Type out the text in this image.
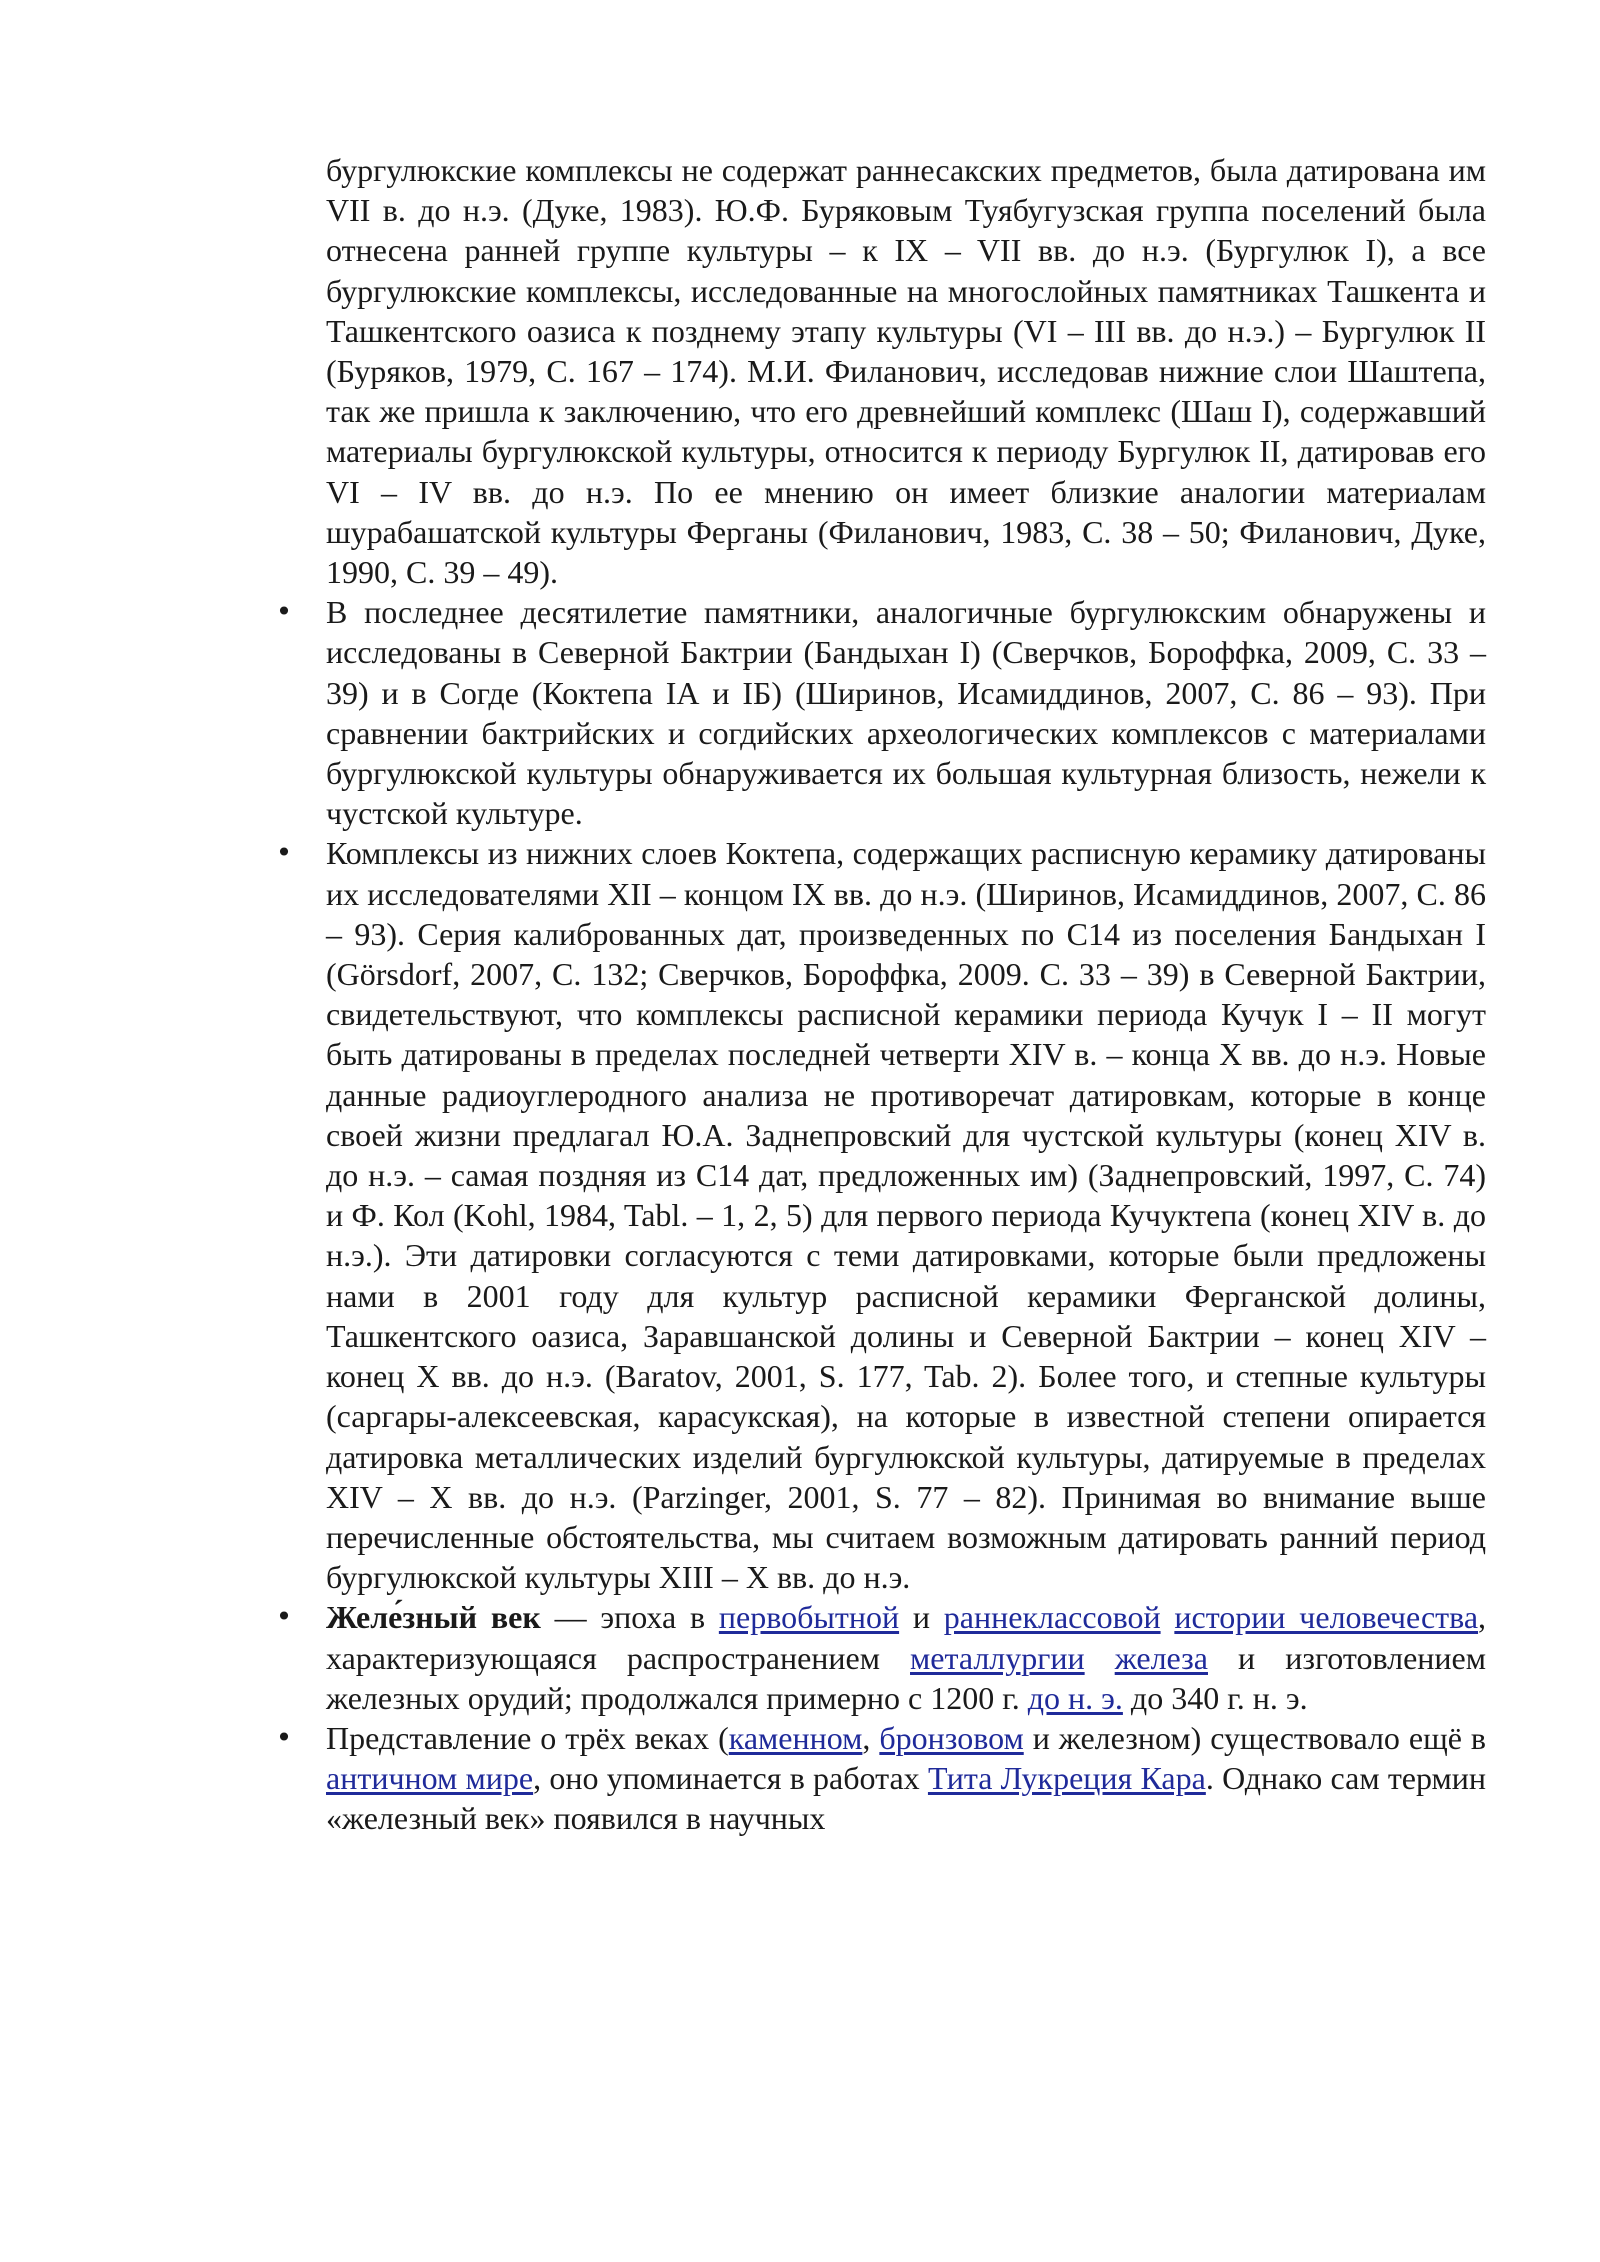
бургулюкские комплексы не содержат раннесакских предметов, была датирована им VII в. до н.э. (Дуке, 1983). Ю.Ф. Буряковым Туябугузская группа поселений была отнесена ранней группе культуры – к IX – VII вв. до н.э. (Бургулюк I), а все бургулюкские комплексы, исследованные на многослойных памятниках Ташкента и Ташкентского оазиса к позднему этапу культуры (VI – III вв. до н.э.) – Бургулюк II (Буряков, 1979, С. 167 – 174). М.И. Филанович, исследовав нижние слои Шаштепа, так же пришла к заключению, что его древнейший комплекс (Шаш I), содержавший материалы бургулюкской культуры, относится к периоду Бургулюк II, датировав его VI – IV вв. до н.э. По ее мнению он имеет близкие аналогии материалам шурабашатской культуры Ферганы (Филанович, 1983, С. 38 – 50; Филанович, Дуке, 1990, С. 39 – 49).

• В последнее десятилетие памятники, аналогичные бургулюкским обнаружены и исследованы в Северной Бактрии (Бандыхан I) (Сверчков, Бороффка, 2009, С. 33 – 39) и в Согде (Коктепа IА и IБ) (Ширинов, Исамиддинов, 2007, С. 86 – 93). При сравнении бактрийских и согдийских археологических комплексов с материалами бургулюкской культуры обнаруживается их большая культурная близость, нежели к чустской культуре.
• Комплексы из нижних слоев Коктепа, содержащих расписную керамику датированы их исследователями XII – концом IX вв. до н.э. (Ширинов, Исамиддинов, 2007, С. 86 – 93). Серия калиброванных дат, произведенных по С14 из поселения Бандыхан I (Görsdorf, 2007, С. 132; Сверчков, Бороффка, 2009. С. 33 – 39) в Северной Бактрии, свидетельствуют, что комплексы расписной керамики периода Кучук I – II могут быть датированы в пределах последней четверти XIV в. – конца X вв. до н.э. Новые данные радиоуглеродного анализа не противоречат датировкам, которые в конце своей жизни предлагал Ю.А. Заднепровский для чустской культуры (конец XIV в. до н.э. – самая поздняя из С14 дат, предложенных им) (Заднепровский, 1997, С. 74) и Ф. Кол (Kohl, 1984, Tabl. – 1, 2, 5) для первого периода Кучуктепа (конец XIV в. до н.э.). Эти датировки согласуются с теми датировками, которые были предложены нами в 2001 году для культур расписной керамики Ферганской долины, Ташкентского оазиса, Заравшанской долины и Северной Бактрии – конец XIV – конец X вв. до н.э. (Baratov, 2001, S. 177, Tab. 2). Более того, и степные культуры (саргары-алексеевская, карасукская), на которые в известной степени опирается датировка металлических изделий бургулюкской культуры, датируемые в пределах XIV – X вв. до н.э. (Parzinger, 2001, S. 77 – 82). Принимая во внимание выше перечисленные обстоятельства, мы считаем возможным датировать ранний период бургулюкской культуры XIII – X вв. до н.э.
• Желе́зный век — эпоха в первобытной и раннеклассовой истории человечества, характеризующаяся распространением металлургии железа и изготовлением железных орудий; продолжался примерно с 1200 г. до н. э. до 340 г. н. э.
• Представление о трёх веках (каменном, бронзовом и железном) существовало ещё в античном мире, оно упоминается в работах Тита Лукреция Кара. Однако сам термин «железный век» появился в научных
